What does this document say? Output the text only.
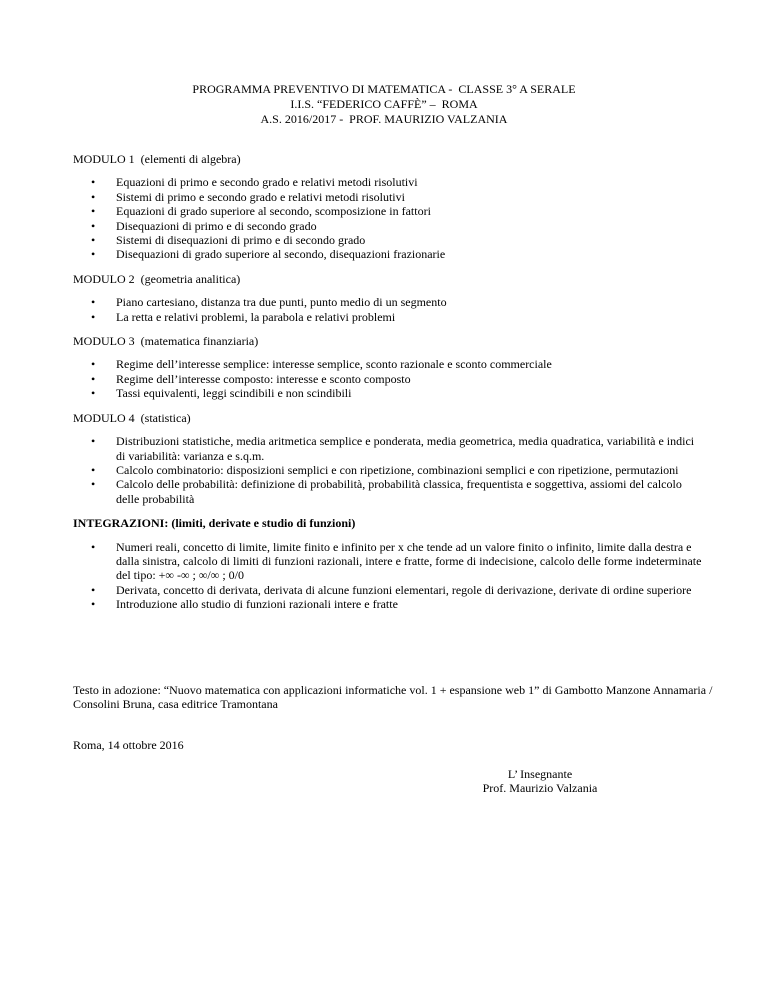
PROGRAMMA PREVENTIVO DI MATEMATICA -  CLASSE 3° A SERALE
I.I.S. “FEDERICO CAFFÈ” –  ROMA
A.S. 2016/2017 -  PROF. MAURIZIO VALZANIA

MODULO 1  (elementi di algebra)

• Equazioni di primo e secondo grado e relativi metodi risolutivi
• Sistemi di primo e secondo grado e relativi metodi risolutivi
• Equazioni di grado superiore al secondo, scomposizione in fattori
• Disequazioni di primo e di secondo grado
• Sistemi di disequazioni di primo e di secondo grado
• Disequazioni di grado superiore al secondo, disequazioni frazionarie

MODULO 2  (geometria analitica)

• Piano cartesiano, distanza tra due punti, punto medio di un segmento
• La retta e relativi problemi, la parabola e relativi problemi

MODULO 3  (matematica finanziaria)

• Regime dell’interesse semplice: interesse semplice, sconto razionale e sconto commerciale
• Regime dell’interesse composto: interesse e sconto composto
• Tassi equivalenti, leggi scindibili e non scindibili

MODULO 4  (statistica)

• Distribuzioni statistiche, media aritmetica semplice e ponderata, media geometrica, media quadratica, variabilità e indici di variabilità: varianza e s.q.m.
• Calcolo combinatorio: disposizioni semplici e con ripetizione, combinazioni semplici e con ripetizione, permutazioni
• Calcolo delle probabilità: definizione di probabilità, probabilità classica, frequentista e soggettiva, assiomi del calcolo delle probabilità

INTEGRAZIONI: (limiti, derivate e studio di funzioni)

• Numeri reali, concetto di limite, limite finito e infinito per x che tende ad un valore finito o infinito, limite dalla destra e dalla sinistra, calcolo di limiti di funzioni razionali, intere e fratte, forme di indecisione, calcolo delle forme indeterminate del tipo: +∞ -∞ ; ∞/∞ ; 0/0
• Derivata, concetto di derivata, derivata di alcune funzioni elementari, regole di derivazione, derivate di ordine superiore
• Introduzione allo studio di funzioni razionali intere e fratte
Testo in adozione: “Nuovo matematica con applicazioni informatiche vol. 1 + espansione web 1” di Gambotto Manzone Annamaria / Consolini Bruna, casa editrice Tramontana
Roma, 14 ottobre 2016
L’ Insegnante
Prof. Maurizio Valzania
